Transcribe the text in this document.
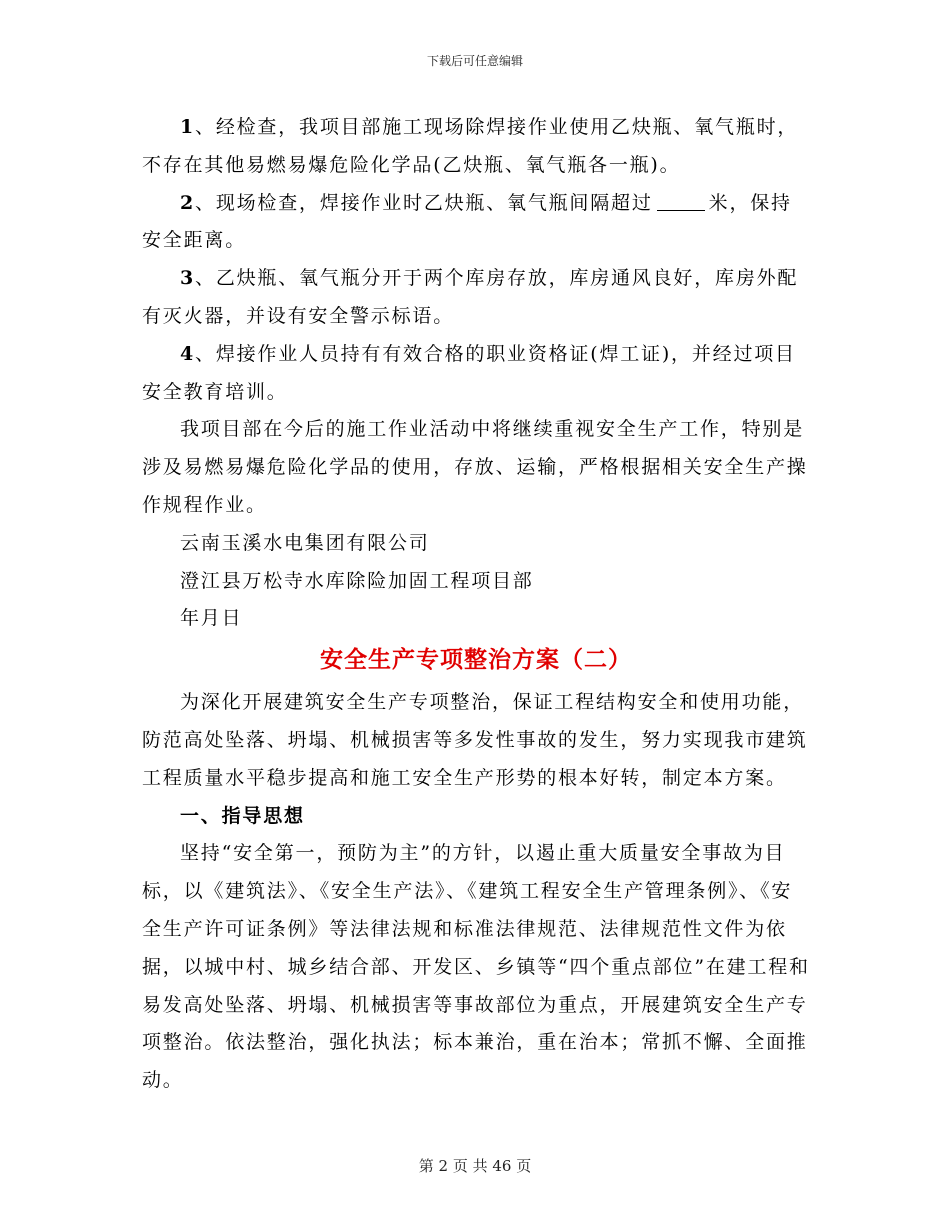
下载后可任意编辑

1、经检查，我项目部施工现场除焊接作业使用乙炔瓶、氧气瓶时，不存在其他易燃易爆危险化学品(乙炔瓶、氧气瓶各一瓶)。

2、现场检查，焊接作业时乙炔瓶、氧气瓶间隔超过	米，保持安全距离。

3、乙炔瓶、氧气瓶分开于两个库房存放，库房通风良好，库房外配有灭火器，并设有安全警示标语。

4、焊接作业人员持有有效合格的职业资格证(焊工证)，并经过项目安全教育培训。

我项目部在今后的施工作业活动中将继续重视安全生产工作，特别是涉及易燃易爆危险化学品的使用，存放、运输，严格根据相关安全生产操作规程作业。

云南玉溪水电集团有限公司

澄江县万松寺水库除险加固工程项目部

年月日

安全生产专项整治方案（二）

为深化开展建筑安全生产专项整治，保证工程结构安全和使用功能，防范高处坠落、坍塌、机械损害等多发性事故的发生，努力实现我市建筑工程质量水平稳步提高和施工安全生产形势的根本好转，制定本方案。

一、指导思想

坚持“安全第一，预防为主”的方针，以遏止重大质量安全事故为目标，以《建筑法》、《安全生产法》、《建筑工程安全生产管理条例》、《安全生产许可证条例》等法律法规和标准法律规范、法律规范性文件为依据，以城中村、城乡结合部、开发区、乡镇等“四个重点部位”在建工程和易发高处坠落、坍塌、机械损害等事故部位为重点，开展建筑安全生产专项整治。依法整治，强化执法；标本兼治，重在治本；常抓不懈、全面推动。

第 2 页 共 46 页
